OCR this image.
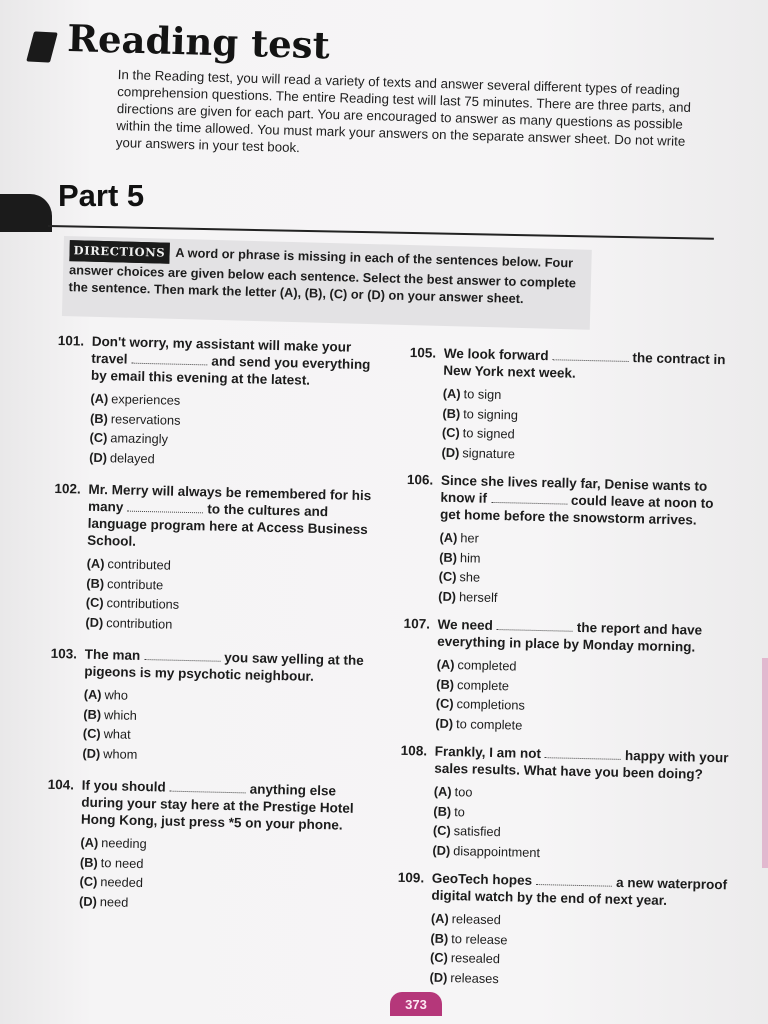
Reading test

In the Reading test, you will read a variety of texts and answer several different types of reading comprehension questions. The entire Reading test will last 75 minutes. There are three parts, and directions are given for each part. You are encouraged to answer as many questions as possible within the time allowed. You must mark your answers on the separate answer sheet. Do not write your answers in your test book.

Part 5

DIRECTIONS A word or phrase is missing in each of the sentences below. Four answer choices are given below each sentence. Select the best answer to complete the sentence. Then mark the letter (A), (B), (C) or (D) on your answer sheet.

101. Don't worry, my assistant will make your travel	and send you everything by email this evening at the latest.
(A) experiences
(B) reservations
(C) amazingly
(D) delayed
102. Mr. Merry will always be remembered for his many	to the cultures and language program here at Access Business School.
(A) contributed
(B) contribute
(C) contributions
(D) contribution
103. The man	you saw yelling at the pigeons is my psychotic neighbour.
(A) who
(B) which
(C) what
(D) whom
104. If you should	anything else during your stay here at the Prestige Hotel Hong Kong, just press *5 on your phone.
(A) needing
(B) to need
(C) needed
(D) need
105. We look forward	the contract in New York next week.
(A) to sign
(B) to signing
(C) to signed
(D) signature
106. Since she lives really far, Denise wants to know if	could leave at noon to get home before the snowstorm arrives.
(A) her
(B) him
(C) she
(D) herself
107. We need	the report and have everything in place by Monday morning.
(A) completed
(B) complete
(C) completions
(D) to complete
108. Frankly, I am not	happy with your sales results. What have you been doing?
(A) too
(B) to
(C) satisfied
(D) disappointment
109. GeoTech hopes	a new waterproof digital watch by the end of next year.
(A) released
(B) to release
(C) resealed
(D) releases
373
